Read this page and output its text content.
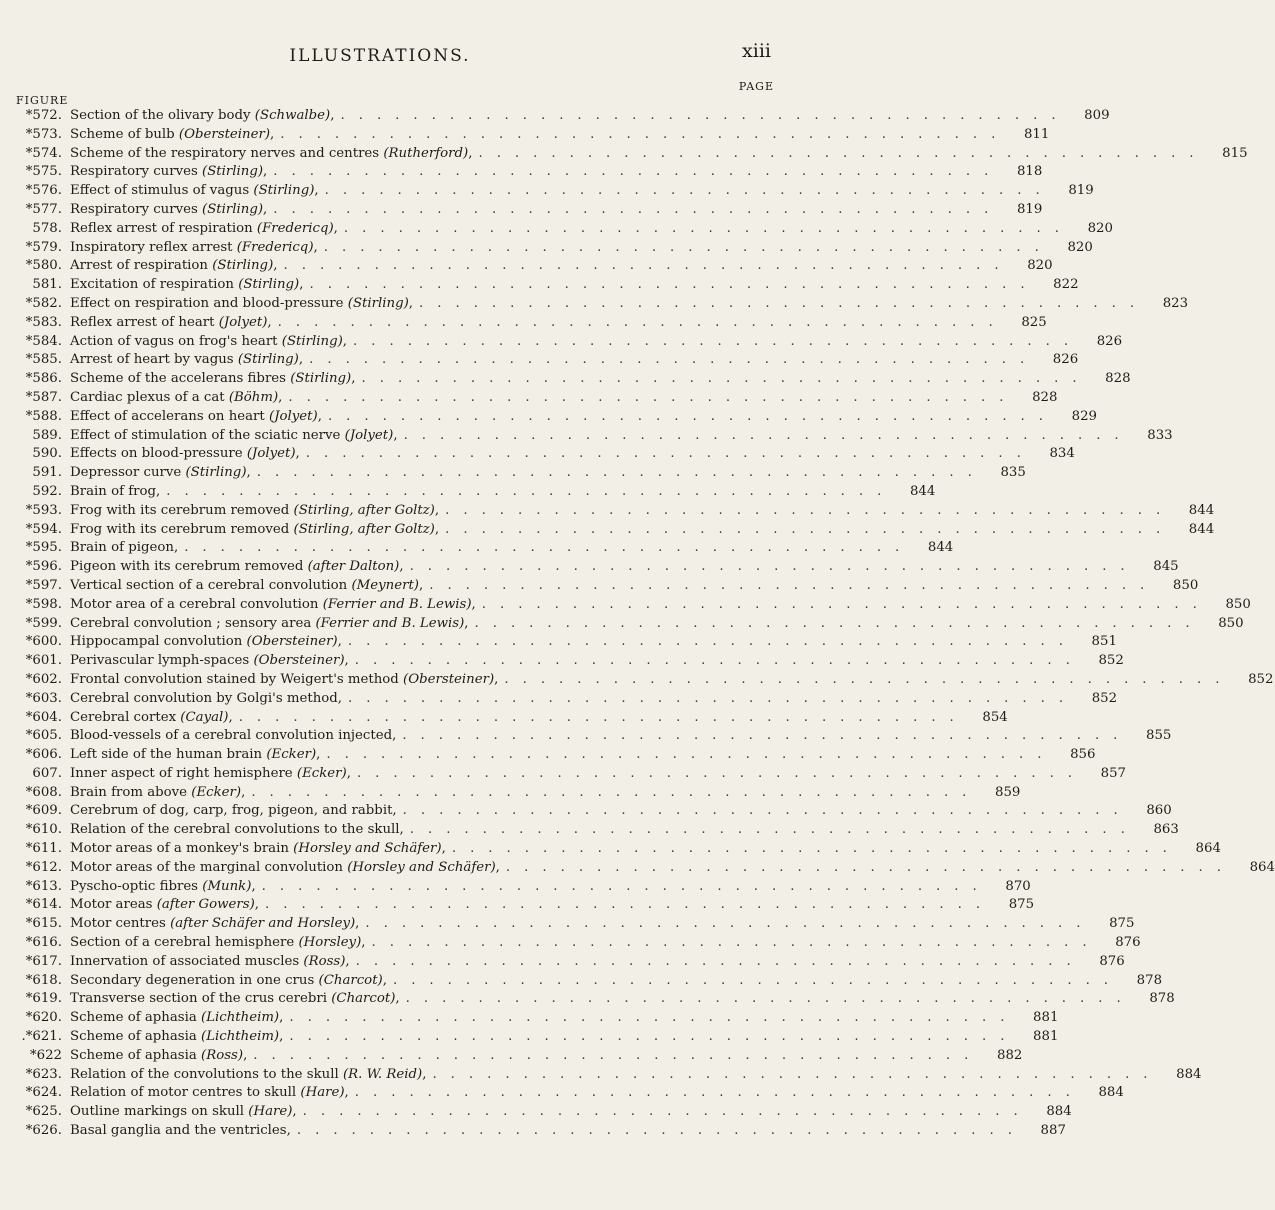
ILLUSTRATIONS.	xiii
FIGURE
PAGE
*572. Section of the olivary body (Schwalbe), ........................................	809
*573. Scheme of bulb (Obersteiner), ........................................	811
*574. Scheme of the respiratory nerves and centres (Rutherford), ........................................	815
*575. Respiratory curves (Stirling), ........................................	818
*576. Effect of stimulus of vagus (Stirling), ........................................	819
*577. Respiratory curves (Stirling), ........................................	819
578. Reflex arrest of respiration (Fredericq), ........................................	820
*579. Inspiratory reflex arrest (Fredericq), ........................................	820
*580. Arrest of respiration (Stirling), ........................................	820
581. Excitation of respiration (Stirling), ........................................	822
*582. Effect on respiration and blood-pressure (Stirling), ........................................	823
*583. Reflex arrest of heart (Jolyet), ........................................	825
*584. Action of vagus on frog's heart (Stirling), ........................................	826
*585. Arrest of heart by vagus (Stirling), ........................................	826
*586. Scheme of the accelerans fibres (Stirling), ........................................	828
*587. Cardiac plexus of a cat (Böhm), ........................................	828
*588. Effect of accelerans on heart (Jolyet), ........................................	829
589. Effect of stimulation of the sciatic nerve (Jolyet), ........................................	833
590. Effects on blood-pressure (Jolyet), ........................................	834
591. Depressor curve (Stirling), ........................................	835
592. Brain of frog, ........................................	844
*593. Frog with its cerebrum removed (Stirling, after Goltz), ........................................	844
*594. Frog with its cerebrum removed (Stirling, after Goltz), ........................................	844
*595. Brain of pigeon, ........................................	844
*596. Pigeon with its cerebrum removed (after Dalton), ........................................	845
*597. Vertical section of a cerebral convolution (Meynert), ........................................	850
*598. Motor area of a cerebral convolution (Ferrier and B. Lewis), ........................................	850
*599. Cerebral convolution ; sensory area (Ferrier and B. Lewis), ........................................	850
*600. Hippocampal convolution (Obersteiner), ........................................	851
*601. Perivascular lymph-spaces (Obersteiner), ........................................	852
*602. Frontal convolution stained by Weigert's method (Obersteiner), ........................................	852
*603. Cerebral convolution by Golgi's method, ........................................	852
*604. Cerebral cortex (Cayal), ........................................	854
*605. Blood-vessels of a cerebral convolution injected, ........................................	855
*606. Left side of the human brain (Ecker), ........................................	856
607. Inner aspect of right hemisphere (Ecker), ........................................	857
*608. Brain from above (Ecker), ........................................	859
*609. Cerebrum of dog, carp, frog, pigeon, and rabbit, ........................................	860
*610. Relation of the cerebral convolutions to the skull, ........................................	863
*611. Motor areas of a monkey's brain (Horsley and Schäfer), ........................................	864
*612. Motor areas of the marginal convolution (Horsley and Schäfer), ........................................	864
*613. Pyscho-optic fibres (Munk), ........................................	870
*614. Motor areas (after Gowers), ........................................	875
*615. Motor centres (after Schäfer and Horsley), ........................................	875
*616. Section of a cerebral hemisphere (Horsley), ........................................	876
*617. Innervation of associated muscles (Ross), ........................................	876
*618. Secondary degeneration in one crus (Charcot), ........................................	878
*619. Transverse section of the crus cerebri (Charcot), ........................................	878
*620. Scheme of aphasia (Lichtheim), ........................................	881
.*621. Scheme of aphasia (Lichtheim), ........................................	881
*622 Scheme of aphasia (Ross), ........................................	882
*623. Relation of the convolutions to the skull (R. W. Reid), ........................................	884
*624. Relation of motor centres to skull (Hare), ........................................	884
*625. Outline markings on skull (Hare), ........................................	884
*626. Basal ganglia and the ventricles, ........................................	887
